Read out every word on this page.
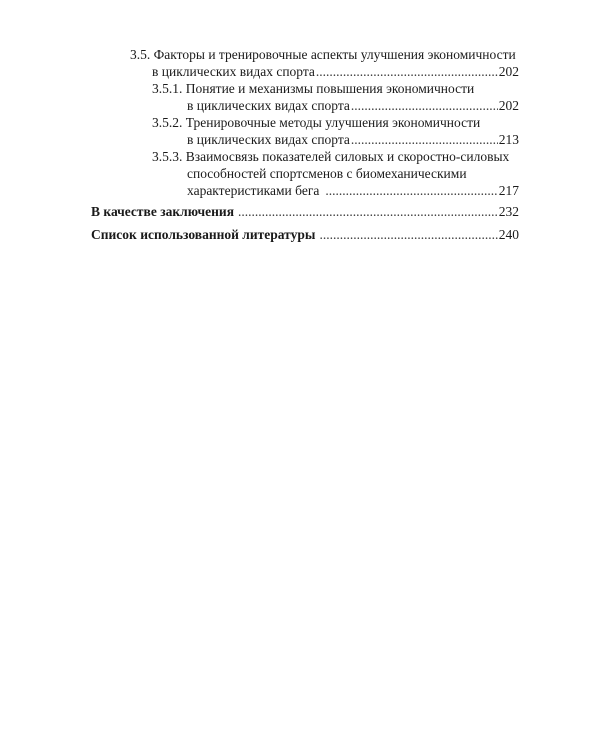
3.5. Факторы и тренировочные аспекты улучшения экономичности
в циклических видах спорта .....	202
3.5.1. Понятие и механизмы повышения экономичности
в циклических видах спорта .....	202
3.5.2. Тренировочные методы улучшения экономичности
в циклических видах спорта .....	213
3.5.3. Взаимосвязь показателей силовых и скоростно-силовых
способностей спортсменов с биомеханическими
характеристиками бега .....	217
В качестве заключения .....	232
Список использованной литературы .....	240
